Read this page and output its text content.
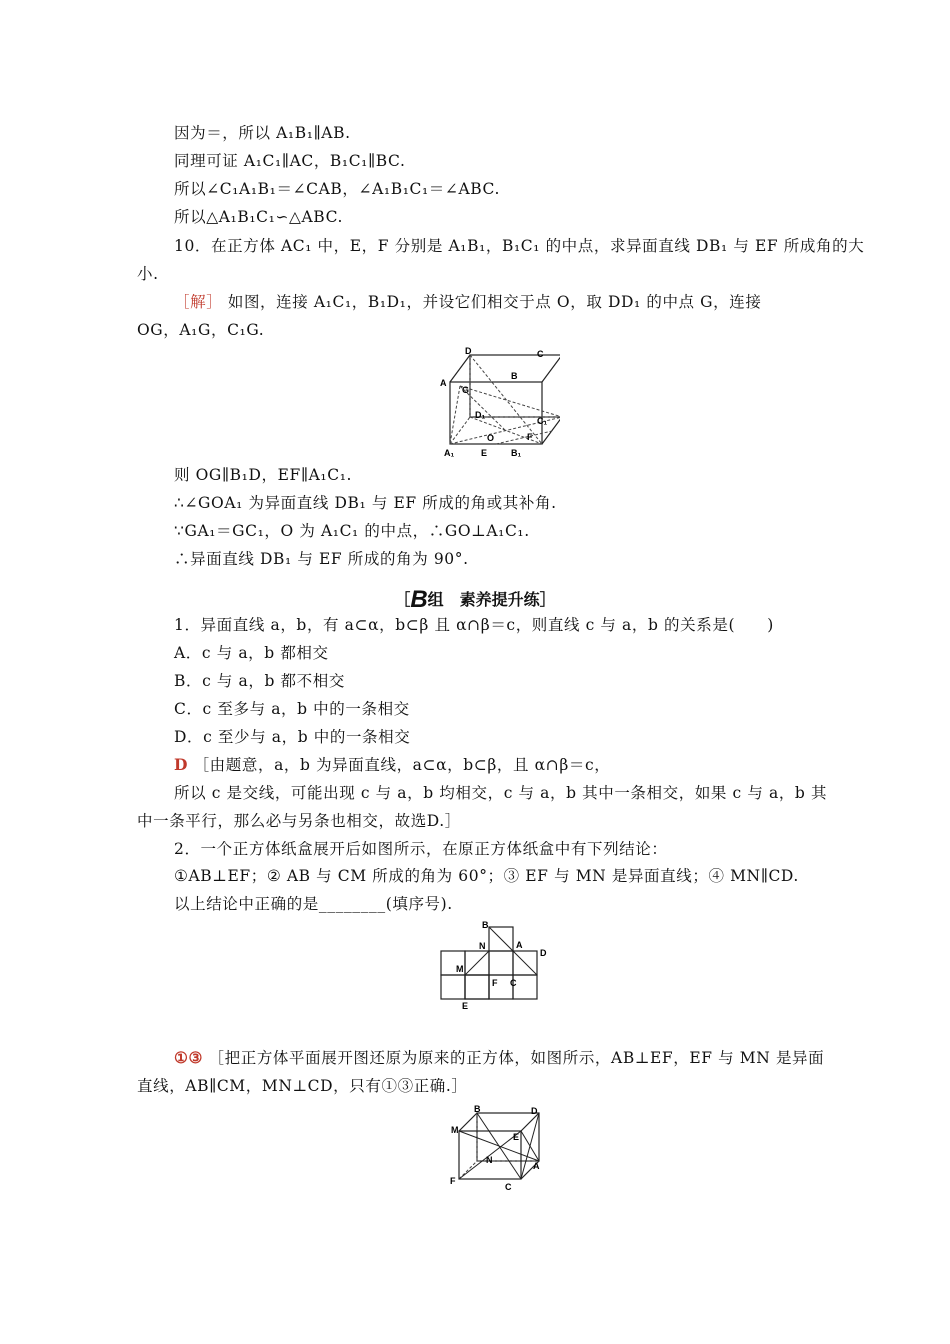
因为＝，所以 A₁B₁∥AB.
同理可证 A₁C₁∥AC，B₁C₁∥BC.
所以∠C₁A₁B₁＝∠CAB，∠A₁B₁C₁＝∠ABC.
所以△A₁B₁C₁∽△ABC.
10．在正方体 AC₁ 中，E，F 分别是 A₁B₁，B₁C₁ 的中点，求异面直线 DB₁ 与 EF 所成角的大
小.
［解］ 如图，连接 A₁C₁，B₁D₁，并设它们相交于点 O，取 DD₁ 的中点 G，连接
OG，A₁G，C₁G.
D	C
A
B
G
D₁
C₁
O	F
A₁	E	B₁
则 OG∥B₁D，EF∥A₁C₁.
∴∠GOA₁ 为异面直线 DB₁ 与 EF 所成的角或其补角.
∵GA₁＝GC₁，O 为 A₁C₁ 的中点，∴GO⊥A₁C₁.
∴异面直线 DB₁ 与 EF 所成的角为 90°.
［B组　素养提升练］
1．异面直线 a，b，有 a⊂α，b⊂β 且 α∩β＝c，则直线 c 与 a，b 的关系是(　　)
A．c 与 a，b 都相交
B．c 与 a，b 都不相交
C．c 至多与 a，b 中的一条相交
D．c 至少与 a，b 中的一条相交
D ［由题意，a，b 为异面直线，a⊂α，b⊂β，且 α∩β＝c，
所以 c 是交线，可能出现 c 与 a，b 均相交，c 与 a，b 其中一条相交，如果 c 与 a，b 其
中一条平行，那么必与另条也相交，故选D.］
2．一个正方体纸盒展开后如图所示，在原正方体纸盒中有下列结论：
①AB⊥EF；② AB 与 CM 所成的角为 60°；③ EF 与 MN 是异面直线；④ MN∥CD.
以上结论中正确的是________(填序号).
B
N	A
D
M
F C
E
①③ ［把正方体平面展开图还原为原来的正方体，如图所示，AB⊥EF，EF 与 MN 是异面
直线，AB∥CM，MN⊥CD，只有①③正确.］
B	D
M
E
N
A
F
C
